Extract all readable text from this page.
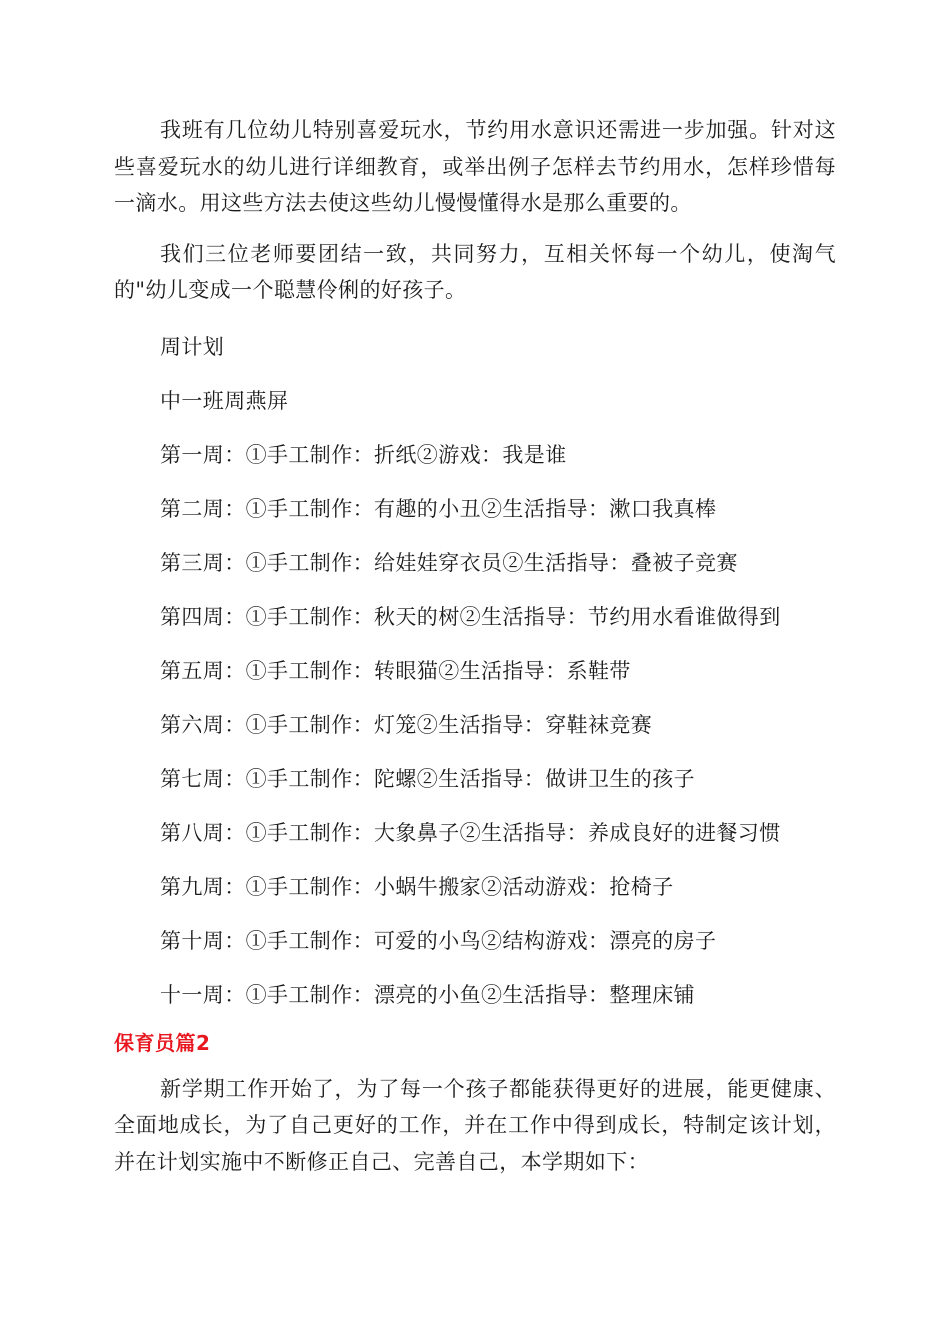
我班有几位幼儿特别喜爱玩水，节约用水意识还需进一步加强。针对这些喜爱玩水的幼儿进行详细教育，或举出例子怎样去节约用水，怎样珍惜每一滴水。用这些方法去使这些幼儿慢慢懂得水是那么重要的。

我们三位老师要团结一致，共同努力，互相关怀每一个幼儿，使淘气的"幼儿变成一个聪慧伶俐的好孩子。

周计划

中一班周燕屏

第一周：①手工制作：折纸②游戏：我是谁

第二周：①手工制作：有趣的小丑②生活指导：漱口我真棒

第三周：①手工制作：给娃娃穿衣员②生活指导：叠被子竞赛

第四周：①手工制作：秋天的树②生活指导：节约用水看谁做得到

第五周：①手工制作：转眼猫②生活指导：系鞋带

第六周：①手工制作：灯笼②生活指导：穿鞋袜竞赛

第七周：①手工制作：陀螺②生活指导：做讲卫生的孩子

第八周：①手工制作：大象鼻子②生活指导：养成良好的进餐习惯

第九周：①手工制作：小蜗牛搬家②活动游戏：抢椅子

第十周：①手工制作：可爱的小鸟②结构游戏：漂亮的房子

十一周：①手工制作：漂亮的小鱼②生活指导：整理床铺

保育员篇2

新学期工作开始了，为了每一个孩子都能获得更好的进展，能更健康、全面地成长，为了自己更好的工作，并在工作中得到成长，特制定该计划，并在计划实施中不断修正自己、完善自己，本学期如下：
